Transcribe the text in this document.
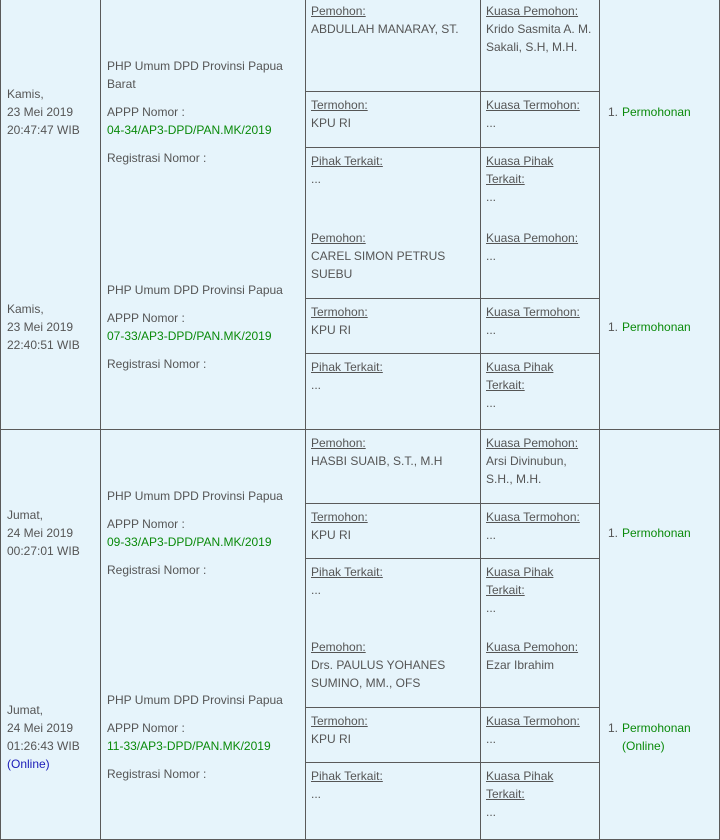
Kamis,
23 Mei 2019
20:47:47 WIB
PHP Umum DPD Provinsi Papua Barat
APPP Nomor :
04-34/AP3-DPD/PAN.MK/2019
Registrasi Nomor :
Pemohon:
ABDULLAH MANARAY, ST.
Kuasa Pemohon:
Krido Sasmita A. M. Sakali, S.H, M.H.
Termohon:
KPU RI
Kuasa Termohon:
...
Pihak Terkait:
...
Kuasa Pihak Terkait:
...
1. Permohonan
Kamis,
23 Mei 2019
22:40:51 WIB
PHP Umum DPD Provinsi Papua
APPP Nomor :
07-33/AP3-DPD/PAN.MK/2019
Registrasi Nomor :
Pemohon:
CAREL SIMON PETRUS SUEBU
Kuasa Pemohon:
...
Termohon:
KPU RI
Kuasa Termohon:
...
Pihak Terkait:
...
Kuasa Pihak Terkait:
...
1. Permohonan
Jumat,
24 Mei 2019
00:27:01 WIB
PHP Umum DPD Provinsi Papua
APPP Nomor :
09-33/AP3-DPD/PAN.MK/2019
Registrasi Nomor :
Pemohon:
HASBI SUAIB, S.T., M.H
Kuasa Pemohon:
Arsi Divinubun, S.H., M.H.
Termohon:
KPU RI
Kuasa Termohon:
...
Pihak Terkait:
...
Kuasa Pihak Terkait:
...
1. Permohonan
Jumat,
24 Mei 2019
01:26:43 WIB
(Online)
PHP Umum DPD Provinsi Papua
APPP Nomor :
11-33/AP3-DPD/PAN.MK/2019
Registrasi Nomor :
Pemohon:
Drs. PAULUS YOHANES SUMINO, MM., OFS
Kuasa Pemohon:
Ezar Ibrahim
Termohon:
KPU RI
Kuasa Termohon:
...
Pihak Terkait:
...
Kuasa Pihak Terkait:
...
1. Permohonan
(Online)
